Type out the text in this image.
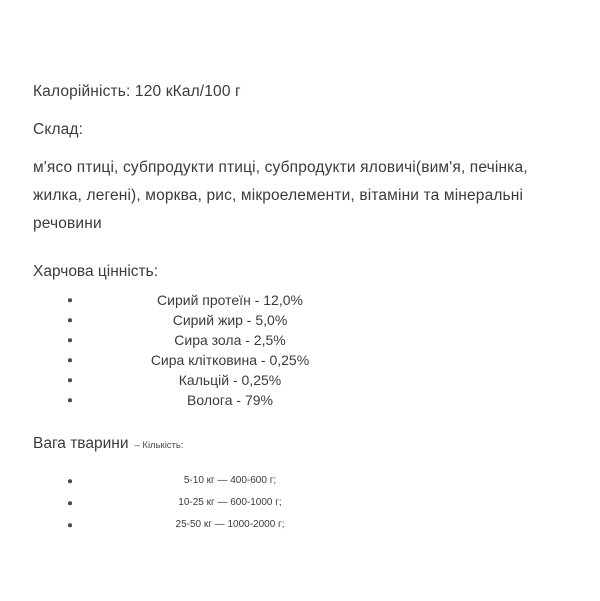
Калорійність: 120 кКал/100 г

Склад:

м'ясо птиці, субпродукти птиці, субпродукти яловичі(вим'я, печінка, жилка, легені), морква, рис, мікроелементи, вітаміни та мінеральні речовини

Харчова цінність:

Сирий протеїн - 12,0%
Сирий жир - 5,0%
Сира зола - 2,5%
Сира клітковина - 0,25%
Кальцій - 0,25%
Волога - 79%
Вага тварини – Кількість:
5-10 кг — 400-600 г;
10-25 кг — 600-1000 г;
25-50 кг — 1000-2000 г;
